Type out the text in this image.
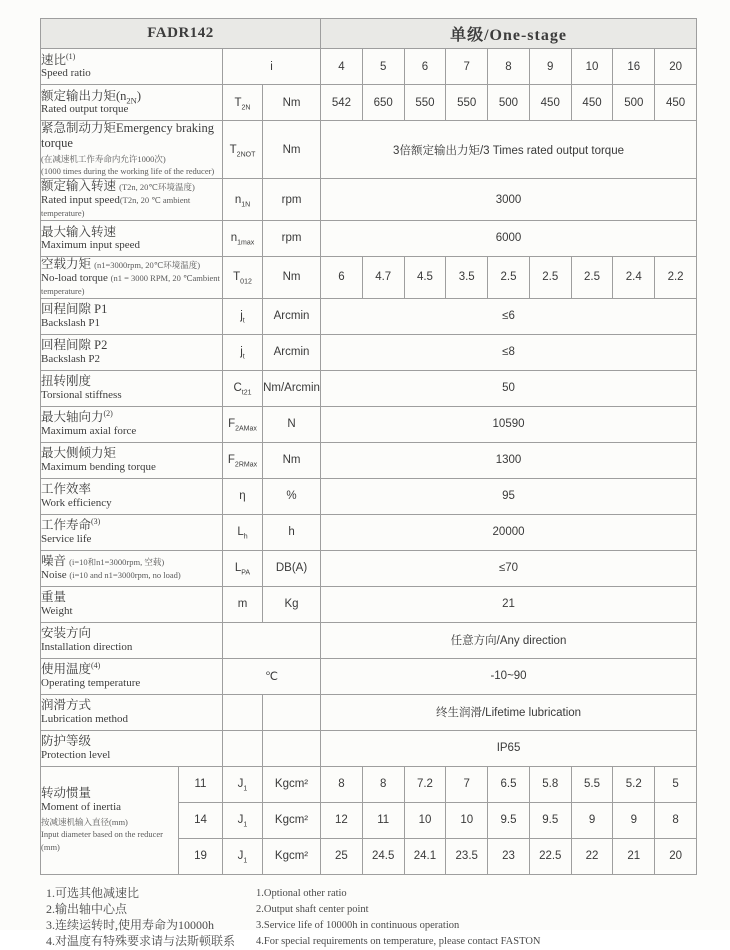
FADR142				单级/One-stage								

速比$^{(1)}$
Speed ratio		i		4	5	6	7	8	9	10	16	20

额定输出力矩$(n_{2N})$
Rated output torque		$T_{2N}$	Nm	542	650	550	550	500	450	450	500	450

紧急制动力矩Emergency braking torque
(在减速机工作寿命内允许1000次)
(1000 times during the working life of the reducer)		$T_{2NOT}$	Nm	3倍额定输出力矩/3 Times rated output torque								

额定输入转速 (T2n, 20℃环境温度)
Rated input speed(T2n, 20 ℃ ambient temperature)		$n_{1N}$	rpm	3000								

最大输入转速
Maximum input speed		$n_{1max}$	rpm	6000								

空载力矩 (n1=3000rpm, 20℃环境温度)
No-load torque (n1 = 3000 RPM, 20 ℃ambient temperature)		$T_{012}$	Nm	6	4.7	4.5	3.5	2.5	2.5	2.5	2.4	2.2

回程间隙 P1
Backslash P1		$j_t$	Arcmin	≤6								

回程间隙 P2
Backslash P2		$j_t$	Arcmin	≤8								

扭转刚度
Torsional stiffness		$C_{t21}$	Nm/Arcmin	50								

最大轴向力$^{(2)}$
Maximum axial force		$F_{2AMax}$	N	10590								

最大侧倾力矩
Maximum bending torque		$F_{2RMax}$	Nm	1300								

工作效率
Work efficiency		η	%	95								

工作寿命$^{(3)}$
Service life		$L_h$	h	20000								

噪音 (i=10和n1=3000rpm, 空载)
Noise (i=10 and n1=3000rpm, no load)		$L_{PA}$	DB(A)	≤70								

重量
Weight		m	Kg	21								

安装方向
Installation direction				任意方向/Any direction								

使用温度$^{(4)}$
Operating temperature		℃		-10~90								

润滑方式
Lubrication method				终生润滑/Lifetime lubrication								

防护等级
Protection level				IP65								

转动惯量
Moment of inertia
按减速机输入直径(mm)
Input diameter based on the reducer (mm)	11	$J_1$	Kgcm²	8	8	7.2	7	6.5	5.8	5.5	5.2	5
	14	$J_1$	Kgcm²	12	11	10	10	9.5	9.5	9	9	8
	19	$J_1$	Kgcm²	25	24.5	24.1	23.5	23	22.5	22	21	20
1.可选其他减速比
2.输出轴中心点
3.连续运转时,使用寿命为10000h
4.对温度有特殊要求请与法斯顿联系
1.Optional other ratio
2.Output shaft center point
3.Service life of 10000h in continuous operation
4.For special requirements on temperature, please contact FASTON
